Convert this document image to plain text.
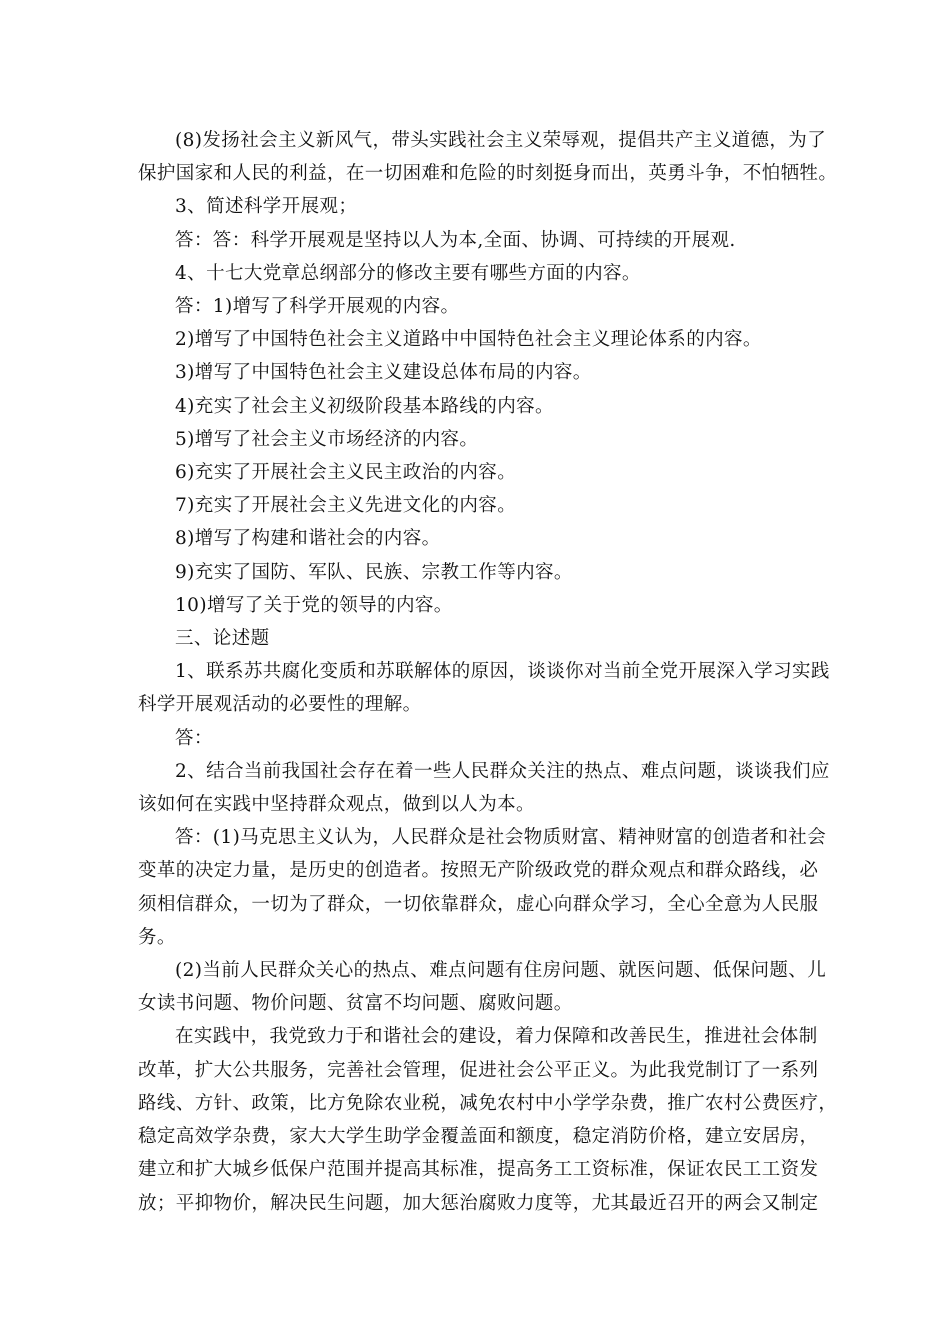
(8)发扬社会主义新风气，带头实践社会主义荣辱观，提倡共产主义道德，为了
保护国家和人民的利益，在一切困难和危险的时刻挺身而出，英勇斗争，不怕牺牲。
3、简述科学开展观；
答：答：科学开展观是坚持以人为本,全面、协调、可持续的开展观.
4、十七大党章总纲部分的修改主要有哪些方面的内容。
答：1)增写了科学开展观的内容。
2)增写了中国特色社会主义道路中中国特色社会主义理论体系的内容。
3)增写了中国特色社会主义建设总体布局的内容。
4)充实了社会主义初级阶段基本路线的内容。
5)增写了社会主义市场经济的内容。
6)充实了开展社会主义民主政治的内容。
7)充实了开展社会主义先进文化的内容。
8)增写了构建和谐社会的内容。
9)充实了国防、军队、民族、宗教工作等内容。
10)增写了关于党的领导的内容。
三、论述题
1、联系苏共腐化变质和苏联解体的原因，谈谈你对当前全党开展深入学习实践
科学开展观活动的必要性的理解。
答：
2、结合当前我国社会存在着一些人民群众关注的热点、难点问题，谈谈我们应
该如何在实践中坚持群众观点，做到以人为本。
答：(1)马克思主义认为，人民群众是社会物质财富、精神财富的创造者和社会
变革的决定力量，是历史的创造者。按照无产阶级政党的群众观点和群众路线，必
须相信群众，一切为了群众，一切依靠群众，虚心向群众学习，全心全意为人民服
务。
(2)当前人民群众关心的热点、难点问题有住房问题、就医问题、低保问题、儿
女读书问题、物价问题、贫富不均问题、腐败问题。
在实践中，我党致力于和谐社会的建设，着力保障和改善民生，推进社会体制
改革，扩大公共服务，完善社会管理，促进社会公平正义。为此我党制订了一系列
路线、方针、政策，比方免除农业税，减免农村中小学学杂费，推广农村公费医疗，
稳定高效学杂费，家大大学生助学金覆盖面和额度，稳定消防价格，建立安居房，
建立和扩大城乡低保户范围并提高其标准，提高务工工资标准，保证农民工工资发
放；平抑物价，解决民生问题，加大惩治腐败力度等，尤其最近召开的两会又制定
